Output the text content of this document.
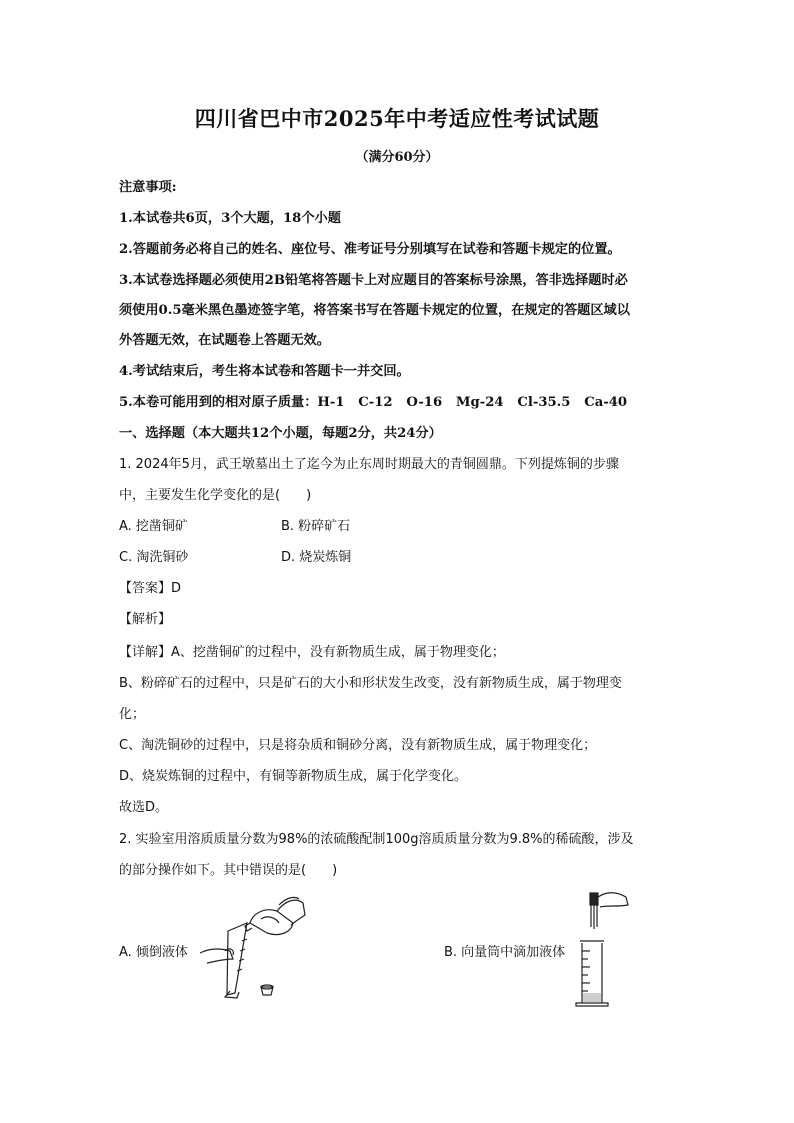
四川省巴中市2025年中考适应性考试试题
（满分60分）
注意事项:
1.本试卷共6页，3个大题，18个小题
2.答题前务必将自己的姓名、座位号、准考证号分别填写在试卷和答题卡规定的位置。
3.本试卷选择题必须使用2B铅笔将答题卡上对应题目的答案标号涂黑，答非选择题时必
须使用0.5毫米黑色墨迹签字笔，将答案书写在答题卡规定的位置，在规定的答题区域以
外答题无效，在试题卷上答题无效。
4.考试结束后，考生将本试卷和答题卡一并交回。
5.本卷可能用到的相对原子质量：H-1   C-12   O-16   Mg-24   Cl-35.5   Ca-40
一、选择题（本大题共12个小题，每题2分，共24分）
1. 2024年5月，武王墩墓出土了迄今为止东周时期最大的青铜圆鼎。下列提炼铜的步骤
中，主要发生化学变化的是(　　)
A. 挖凿铜矿	B. 粉碎矿石
C. 淘洗铜砂	D. 烧炭炼铜
【答案】D
【解析】
【详解】A、挖凿铜矿的过程中，没有新物质生成，属于物理变化；
B、粉碎矿石的过程中，只是矿石的大小和形状发生改变，没有新物质生成，属于物理变
化；
C、淘洗铜砂的过程中，只是将杂质和铜砂分离，没有新物质生成，属于物理变化；
D、烧炭炼铜的过程中，有铜等新物质生成，属于化学变化。
故选D。
2. 实验室用溶质质量分数为98%的浓硫酸配制100g溶质质量分数为9.8%的稀硫酸，涉及
的部分操作如下。其中错误的是(　　)
A. 倾倒液体	B. 向量筒中滴加液体
